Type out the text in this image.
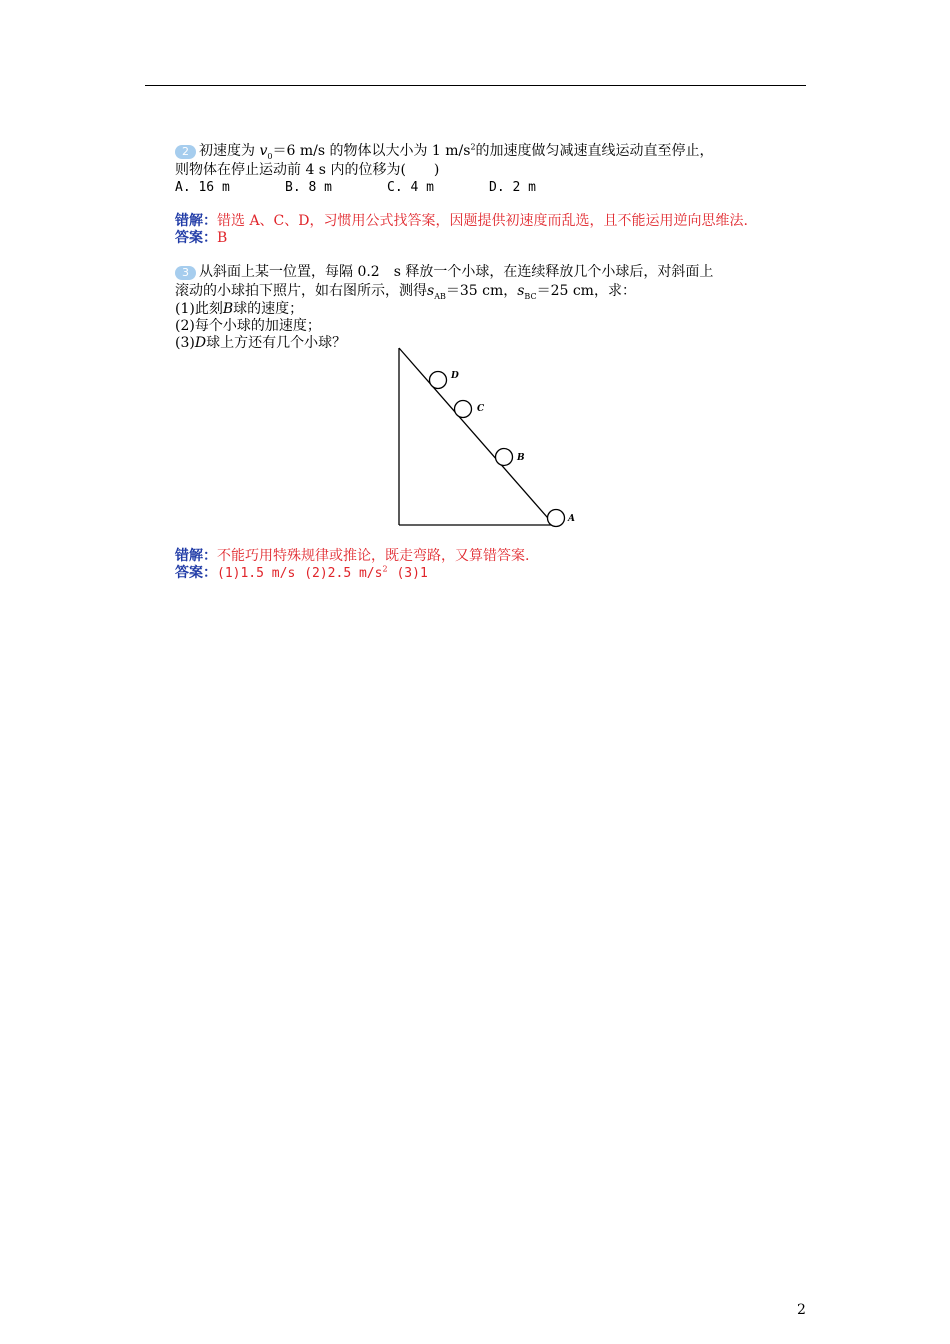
2 初速度为 $v_0=6$ m/s 的物体以大小为 1 $m/s^2$的加速度做匀减速直线运动直至停止，
则物体在停止运动前 4 s 内的位移为(　　)
A. 16 m	B. 8 m	C. 4 m	D. 2 m
错解：错选 A、C、D，习惯用公式找答案，因题提供初速度而乱选，且不能运用逆向思维法.
答案：B
3 从斜面上某一位置，每隔 0.2　s 释放一个小球，在连续释放几个小球后，对斜面上
滚动的小球拍下照片，如右图所示，测得$s_{AB}=35$ cm，$s_{BC}=25$ cm，求：
(1)此刻B球的速度；
(2)每个小球的加速度；
(3)D球上方还有几个小球？
D
C
B
A
错解：不能巧用特殊规律或推论，既走弯路，又算错答案.
答案：(1)1.5 m/s (2)2.5 $m/s^2$ (3)1
2
